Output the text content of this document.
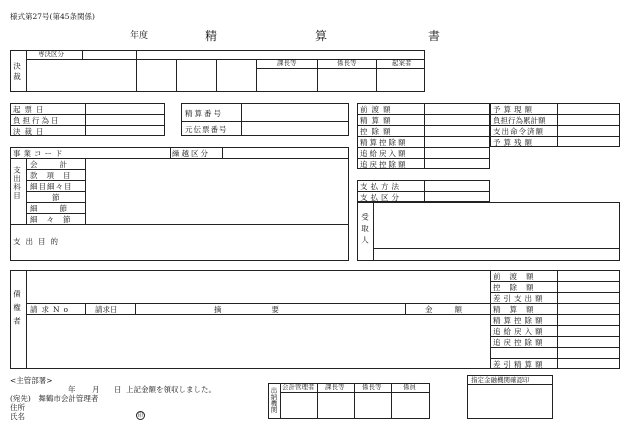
様式第27号(第45条関係)
年度	精	算	書
決裁
専決区分
課長等	係長等	起案者
起票日
負担行為日
決裁日
精算番号
元伝票番号
前渡額
精算額
控除額
精算控除額
追給戻入額
追戻控除額
予算現額
負担行為累計額
支出命令済額
予算残額
事業コード	繰越区分
支出科目
会計
款項目
細目細々目
節
細節
細々節
支出目的
支払方法
支払区分
受取人
債権者 請求No	請求日	摘要	金額
前渡額
控除額
差引支出額
精算額
精算控除額
追給戻入額
追戻控除額
差引精算額
<主管部署>
年 月 日 上記金額を領収しました。
(宛先)　舞鶴市会計管理者
住所
氏名	印
出納機関 会計管理者 課長等	係長等	係員
指定金融機関確認印
